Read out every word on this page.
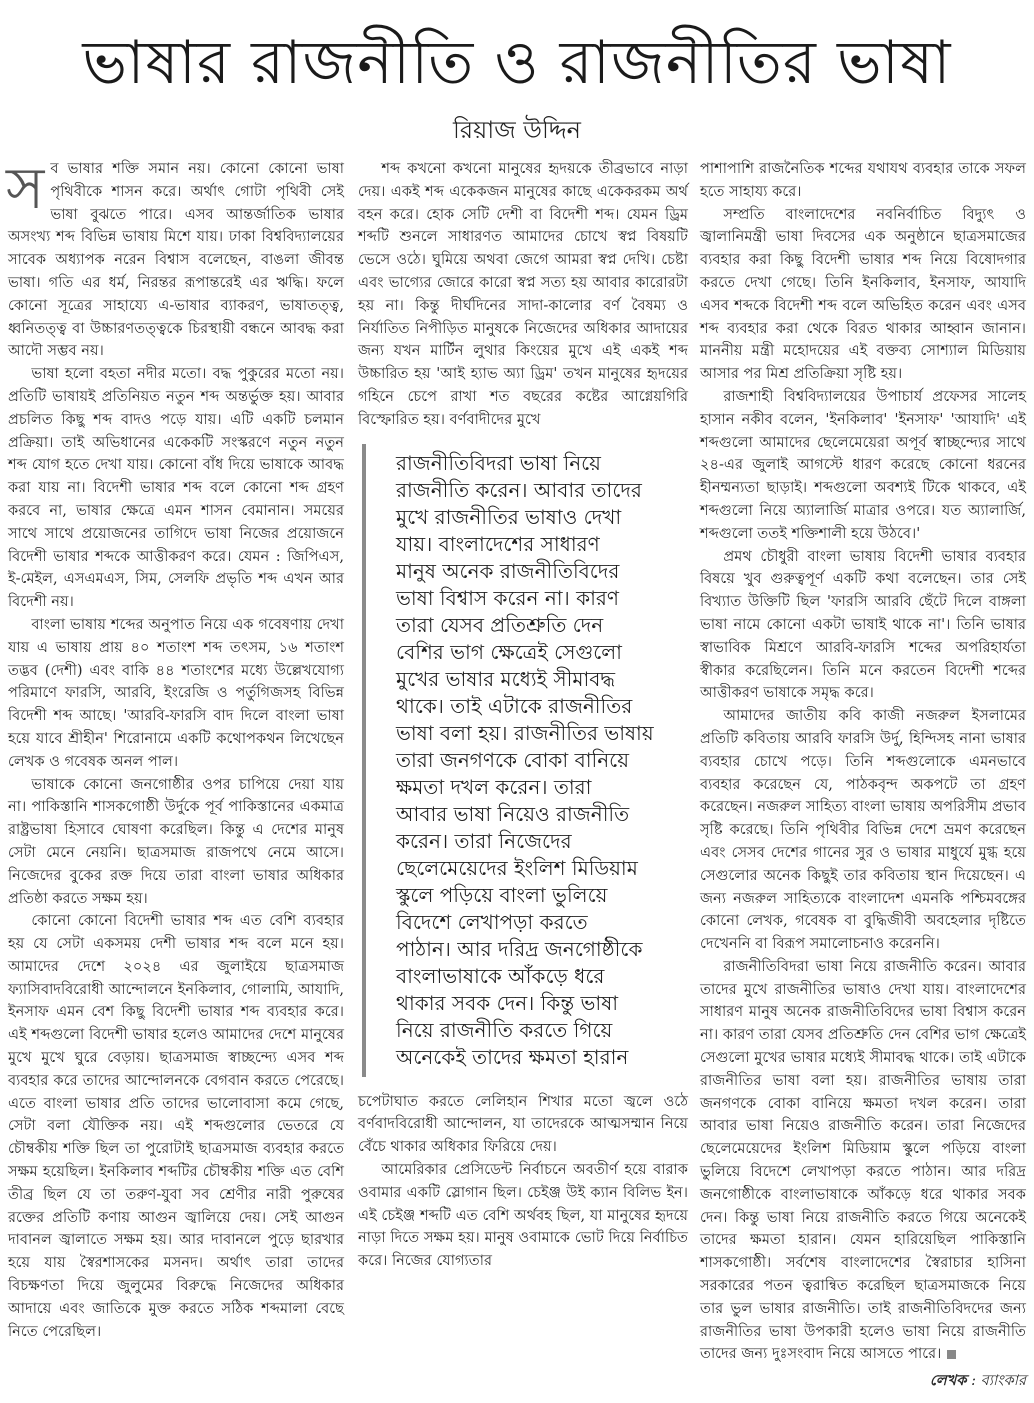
ভাষার রাজনীতি ও রাজনীতির ভাষা
রিয়াজ উদ্দিন

সব ভাষার শক্তি সমান নয়। কোনো কোনো ভাষা পৃথিবীকে শাসন করে। অর্থাৎ গোটা পৃথিবী সেই ভাষা বুঝতে পারে। এসব আন্তর্জাতিক ভাষার অসংখ্য শব্দ বিভিন্ন ভাষায় মিশে যায়। ঢাকা বিশ্ববিদ্যালয়ের সাবেক অধ্যাপক নরেন বিশ্বাস বলেছেন, বাঙলা জীবন্ত ভাষা। গতি এর ধর্ম, নিরন্তর রূপান্তরেই এর ঋদ্ধি। ফলে কোনো সূত্রের সাহায্যে এ-ভাষার ব্যাকরণ, ভাষাতত্ত্ব, ধ্বনিতত্ত্ব বা উচ্চারণতত্ত্বকে চিরস্থায়ী বন্ধনে আবদ্ধ করা আদৌ সম্ভব নয়।

ভাষা হলো বহতা নদীর মতো। বদ্ধ পুকুরের মতো নয়। প্রতিটি ভাষায়ই প্রতিনিয়ত নতুন শব্দ অন্তর্ভুক্ত হয়। আবার প্রচলিত কিছু শব্দ বাদও পড়ে যায়। এটি একটি চলমান প্রক্রিয়া। তাই অভিধানের একেকটি সংস্করণে নতুন নতুন শব্দ যোগ হতে দেখা যায়। কোনো বাঁধ দিয়ে ভাষাকে আবদ্ধ করা যায় না। বিদেশী ভাষার শব্দ বলে কোনো শব্দ গ্রহণ করবে না, ভাষার ক্ষেত্রে এমন শাসন বেমানান। সময়ের সাথে সাথে প্রয়োজনের তাগিদে ভাষা নিজের প্রয়োজনে বিদেশী ভাষার শব্দকে আত্তীকরণ করে। যেমন : জিপিএস, ই-মেইল, এসএমএস, সিম, সেলফি প্রভৃতি শব্দ এখন আর বিদেশী নয়।

বাংলা ভাষায় শব্দের অনুপাত নিয়ে এক গবেষণায় দেখা যায় এ ভাষায় প্রায় ৪০ শতাংশ শব্দ তৎসম, ১৬ শতাংশ তদ্ভব (দেশী) এবং বাকি ৪৪ শতাংশের মধ্যে উল্লেখযোগ্য পরিমাণে ফারসি, আরবি, ইংরেজি ও পর্তুগিজসহ বিভিন্ন বিদেশী শব্দ আছে। 'আরবি-ফারসি বাদ দিলে বাংলা ভাষা হয়ে যাবে শ্রীহীন' শিরোনামে একটি কথোপকথন লিখেছেন লেখক ও গবেষক অনল পাল।

ভাষাকে কোনো জনগোষ্ঠীর ওপর চাপিয়ে দেয়া যায় না। পাকিস্তানি শাসকগোষ্ঠী উর্দুকে পূর্ব পাকিস্তানের একমাত্র রাষ্ট্রভাষা হিসাবে ঘোষণা করেছিল। কিন্তু এ দেশের মানুষ সেটা মেনে নেয়নি। ছাত্রসমাজ রাজপথে নেমে আসে। নিজেদের বুকের রক্ত দিয়ে তারা বাংলা ভাষার অধিকার প্রতিষ্ঠা করতে সক্ষম হয়।

কোনো কোনো বিদেশী ভাষার শব্দ এত বেশি ব্যবহার হয় যে সেটা একসময় দেশী ভাষার শব্দ বলে মনে হয়। আমাদের দেশে ২০২৪ এর জুলাইয়ে ছাত্রসমাজ ফ্যাসিবাদবিরোধী আন্দোলনে ইনকিলাব, গোলামি, আযাদি, ইনসাফ এমন বেশ কিছু বিদেশী ভাষার শব্দ ব্যবহার করে। এই শব্দগুলো বিদেশী ভাষার হলেও আমাদের দেশে মানুষের মুখে মুখে ঘুরে বেড়ায়। ছাত্রসমাজ স্বাচ্ছন্দ্যে এসব শব্দ ব্যবহার করে তাদের আন্দোলনকে বেগবান করতে পেরেছে। এতে বাংলা ভাষার প্রতি তাদের ভালোবাসা কমে গেছে, সেটা বলা যৌক্তিক নয়। এই শব্দগুলোর ভেতরে যে চৌম্বকীয় শক্তি ছিল তা পুরোটাই ছাত্রসমাজ ব্যবহার করতে সক্ষম হয়েছিল। ইনকিলাব শব্দটির চৌম্বকীয় শক্তি এত বেশি তীব্র ছিল যে তা তরুণ-যুবা সব শ্রেণীর নারী পুরুষের রক্তের প্রতিটি কণায় আগুন জ্বালিয়ে দেয়। সেই আগুন দাবানল জ্বালাতে সক্ষম হয়। আর দাবানলে পুড়ে ছারখার হয়ে যায় স্বৈরশাসকের মসনদ। অর্থাৎ তারা তাদের বিচক্ষণতা দিয়ে জুলুমের বিরুদ্ধে নিজেদের অধিকার আদায়ে এবং জাতিকে মুক্ত করতে সঠিক শব্দমালা বেছে নিতে পেরেছিল।

শব্দ কখনো কখনো মানুষের হৃদয়কে তীব্রভাবে নাড়া দেয়। একই শব্দ একেকজন মানুষের কাছে একেকরকম অর্থ বহন করে। হোক সেটি দেশী বা বিদেশী শব্দ। যেমন ড্রিম শব্দটি শুনলে সাধারণত আমাদের চোখে স্বপ্ন বিষয়টি ভেসে ওঠে। ঘুমিয়ে অথবা জেগে আমরা স্বপ্ন দেখি। চেষ্টা এবং ভাগ্যের জোরে কারো স্বপ্ন সত্য হয় আবার কারোরটা হয় না। কিন্তু দীর্ঘদিনের সাদা-কালোর বর্ণ বৈষম্য ও নির্যাতিত নিপীড়িত মানুষকে নিজেদের অধিকার আদায়ের জন্য যখন মার্টিন লুথার কিংয়ের মুখে এই একই শব্দ উচ্চারিত হয় 'আই হ্যাভ অ্যা ড্রিম' তখন মানুষের হৃদয়ের গহিনে চেপে রাখা শত বছরের কষ্টের আগ্নেয়গিরি বিস্ফোরিত হয়। বর্ণবাদীদের মুখে

রাজনীতিবিদরা ভাষা নিয়ে
রাজনীতি করেন। আবার তাদের
মুখে রাজনীতির ভাষাও দেখা
যায়। বাংলাদেশের সাধারণ
মানুষ অনেক রাজনীতিবিদের
ভাষা বিশ্বাস করেন না। কারণ
তারা যেসব প্রতিশ্রুতি দেন
বেশির ভাগ ক্ষেত্রেই সেগুলো
মুখের ভাষার মধ্যেই সীমাবদ্ধ
থাকে। তাই এটাকে রাজনীতির
ভাষা বলা হয়। রাজনীতির ভাষায়
তারা জনগণকে বোকা বানিয়ে
ক্ষমতা দখল করেন। তারা
আবার ভাষা নিয়েও রাজনীতি
করেন। তারা নিজেদের
ছেলেমেয়েদের ইংলিশ মিডিয়াম
স্কুলে পড়িয়ে বাংলা ভুলিয়ে
বিদেশে লেখাপড়া করতে
পাঠান। আর দরিদ্র জনগোষ্ঠীকে
বাংলাভাষাকে আঁকড়ে ধরে
থাকার সবক দেন। কিন্তু ভাষা
নিয়ে রাজনীতি করতে গিয়ে
অনেকেই তাদের ক্ষমতা হারান

চপেটাঘাত করতে লেলিহান শিখার মতো জ্বলে ওঠে বর্ণবাদবিরোধী আন্দোলন, যা তাদেরকে আত্মসম্মান নিয়ে বেঁচে থাকার অধিকার ফিরিয়ে দেয়।

আমেরিকার প্রেসিডেন্ট নির্বাচনে অবতীর্ণ হয়ে বারাক ওবামার একটি স্লোগান ছিল। চেইঞ্জ উই ক্যান বিলিভ ইন। এই চেইঞ্জ শব্দটি এত বেশি অর্থবহ ছিল, যা মানুষের হৃদয়ে নাড়া দিতে সক্ষম হয়। মানুষ ওবামাকে ভোট দিয়ে নির্বাচিত করে। নিজের যোগ্যতার

পাশাপাশি রাজনৈতিক শব্দের যথাযথ ব্যবহার তাকে সফল হতে সাহায্য করে।

সম্প্রতি বাংলাদেশের নবনির্বাচিত বিদ্যুৎ ও জ্বালানিমন্ত্রী ভাষা দিবসের এক অনুষ্ঠানে ছাত্রসমাজের ব্যবহার করা কিছু বিদেশী ভাষার শব্দ নিয়ে বিষোদগার করতে দেখা গেছে। তিনি ইনকিলাব, ইনসাফ, আযাদি এসব শব্দকে বিদেশী শব্দ বলে অভিহিত করেন এবং এসব শব্দ ব্যবহার করা থেকে বিরত থাকার আহ্বান জানান। মাননীয় মন্ত্রী মহোদয়ের এই বক্তব্য সোশ্যাল মিডিয়ায় আসার পর মিশ্র প্রতিক্রিয়া সৃষ্টি হয়।

রাজশাহী বিশ্ববিদ্যালয়ের উপাচার্য প্রফেসর সালেহ হাসান নকীব বলেন, 'ইনকিলাব' 'ইনসাফ' 'আযাদি' এই শব্দগুলো আমাদের ছেলেমেয়েরা অপূর্ব স্বাচ্ছন্দ্যের সাথে ২৪-এর জুলাই আগস্টে ধারণ করেছে কোনো ধরনের হীনম্মন্যতা ছাড়াই। শব্দগুলো অবশ্যই টিকে থাকবে, এই শব্দগুলো নিয়ে অ্যালার্জি মাত্রার ওপরে। যত অ্যালার্জি, শব্দগুলো ততই শক্তিশালী হয়ে উঠবে।'

প্রমথ চৌধুরী বাংলা ভাষায় বিদেশী ভাষার ব্যবহার বিষয়ে খুব গুরুত্বপূর্ণ একটি কথা বলেছেন। তার সেই বিখ্যাত উক্তিটি ছিল 'ফারসি আরবি ছেঁটে দিলে বাঙ্গলা ভাষা নামে কোনো একটা ভাষাই থাকে না'। তিনি ভাষার স্বাভাবিক মিশ্রণে আরবি-ফারসি শব্দের অপরিহার্যতা স্বীকার করেছিলেন। তিনি মনে করতেন বিদেশী শব্দের আত্তীকরণ ভাষাকে সমৃদ্ধ করে।

আমাদের জাতীয় কবি কাজী নজরুল ইসলামের প্রতিটি কবিতায় আরবি ফারসি উর্দু, হিন্দিসহ নানা ভাষার ব্যবহার চোখে পড়ে। তিনি শব্দগুলোকে এমনভাবে ব্যবহার করেছেন যে, পাঠকবৃন্দ অকপটে তা গ্রহণ করেছেন। নজরুল সাহিত্য বাংলা ভাষায় অপরিসীম প্রভাব সৃষ্টি করেছে। তিনি পৃথিবীর বিভিন্ন দেশে ভ্রমণ করেছেন এবং সেসব দেশের গানের সুর ও ভাষার মাধুর্যে মুগ্ধ হয়ে সেগুলোর অনেক কিছুই তার কবিতায় স্থান দিয়েছেন। এ জন্য নজরুল সাহিত্যকে বাংলাদেশ এমনকি পশ্চিমবঙ্গের কোনো লেখক, গবেষক বা বুদ্ধিজীবী অবহেলার দৃষ্টিতে দেখেননি বা বিরূপ সমালোচনাও করেননি।

রাজনীতিবিদরা ভাষা নিয়ে রাজনীতি করেন। আবার তাদের মুখে রাজনীতির ভাষাও দেখা যায়। বাংলাদেশের সাধারণ মানুষ অনেক রাজনীতিবিদের ভাষা বিশ্বাস করেন না। কারণ তারা যেসব প্রতিশ্রুতি দেন বেশির ভাগ ক্ষেত্রেই সেগুলো মুখের ভাষার মধ্যেই সীমাবদ্ধ থাকে। তাই এটাকে রাজনীতির ভাষা বলা হয়। রাজনীতির ভাষায় তারা জনগণকে বোকা বানিয়ে ক্ষমতা দখল করেন। তারা আবার ভাষা নিয়েও রাজনীতি করেন। তারা নিজেদের ছেলেমেয়েদের ইংলিশ মিডিয়াম স্কুলে পড়িয়ে বাংলা ভুলিয়ে বিদেশে লেখাপড়া করতে পাঠান। আর দরিদ্র জনগোষ্ঠীকে বাংলাভাষাকে আঁকড়ে ধরে থাকার সবক দেন। কিন্তু ভাষা নিয়ে রাজনীতি করতে গিয়ে অনেকেই তাদের ক্ষমতা হারান। যেমন হারিয়েছিল পাকিস্তানি শাসকগোষ্ঠী। সর্বশেষ বাংলাদেশের স্বৈরাচার হাসিনা সরকারের পতন ত্বরান্বিত করেছিল ছাত্রসমাজকে নিয়ে তার ভুল ভাষার রাজনীতি। তাই রাজনীতিবিদদের জন্য রাজনীতির ভাষা উপকারী হলেও ভাষা নিয়ে রাজনীতি তাদের জন্য দুঃসংবাদ নিয়ে আসতে পারে।

লেখক : ব্যাংকার
